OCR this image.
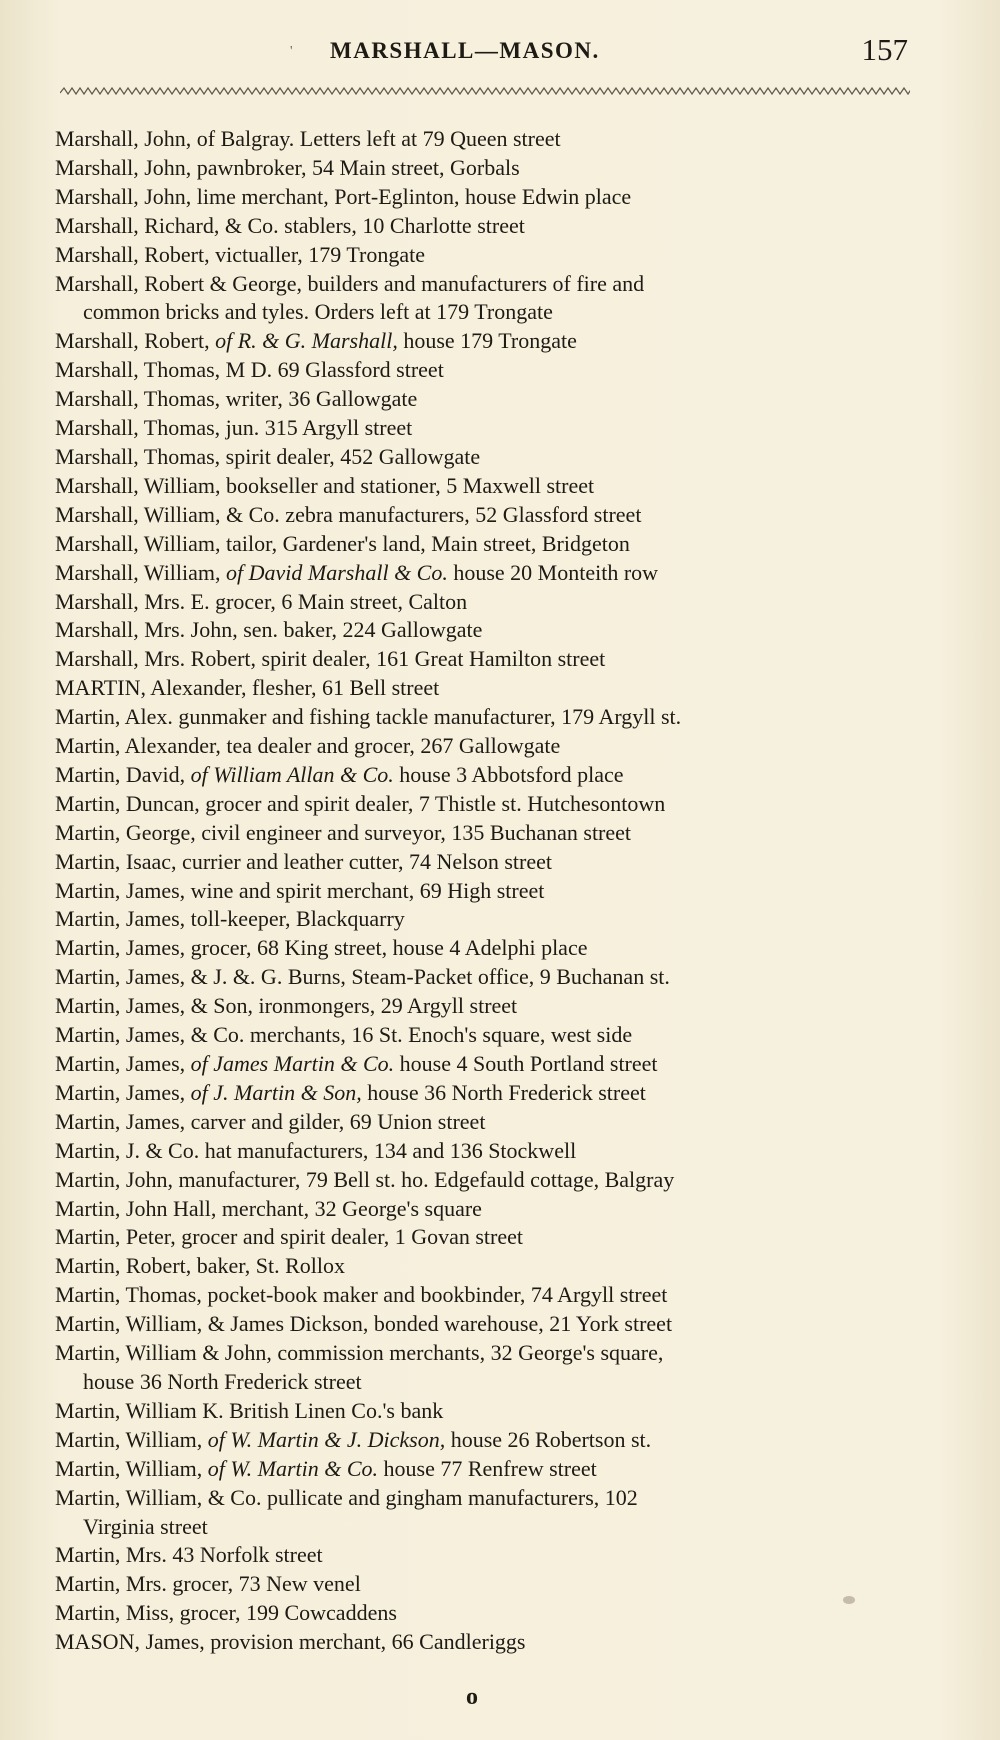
' MARSHALL—MASON.	157
Marshall, John, of Balgray. Letters left at 79 Queen street
Marshall, John, pawnbroker, 54 Main street, Gorbals
Marshall, John, lime merchant, Port-Eglinton, house Edwin place
Marshall, Richard, & Co. stablers, 10 Charlotte street
Marshall, Robert, victualler, 179 Trongate
Marshall, Robert & George, builders and manufacturers of fire and
common bricks and tyles. Orders left at 179 Trongate
Marshall, Robert, of R. & G. Marshall, house 179 Trongate
Marshall, Thomas, M D. 69 Glassford street
Marshall, Thomas, writer, 36 Gallowgate
Marshall, Thomas, jun. 315 Argyll street
Marshall, Thomas, spirit dealer, 452 Gallowgate
Marshall, William, bookseller and stationer, 5 Maxwell street
Marshall, William, & Co. zebra manufacturers, 52 Glassford street
Marshall, William, tailor, Gardener's land, Main street, Bridgeton
Marshall, William, of David Marshall & Co. house 20 Monteith row
Marshall, Mrs. E. grocer, 6 Main street, Calton
Marshall, Mrs. John, sen. baker, 224 Gallowgate
Marshall, Mrs. Robert, spirit dealer, 161 Great Hamilton street
MARTIN, Alexander, flesher, 61 Bell street
Martin, Alex. gunmaker and fishing tackle manufacturer, 179 Argyll st.
Martin, Alexander, tea dealer and grocer, 267 Gallowgate
Martin, David, of William Allan & Co. house 3 Abbotsford place
Martin, Duncan, grocer and spirit dealer, 7 Thistle st. Hutchesontown
Martin, George, civil engineer and surveyor, 135 Buchanan street
Martin, Isaac, currier and leather cutter, 74 Nelson street
Martin, James, wine and spirit merchant, 69 High street
Martin, James, toll-keeper, Blackquarry
Martin, James, grocer, 68 King street, house 4 Adelphi place
Martin, James, & J. &. G. Burns, Steam-Packet office, 9 Buchanan st.
Martin, James, & Son, ironmongers, 29 Argyll street
Martin, James, & Co. merchants, 16 St. Enoch's square, west side
Martin, James, of James Martin & Co. house 4 South Portland street
Martin, James, of J. Martin & Son, house 36 North Frederick street
Martin, James, carver and gilder, 69 Union street
Martin, J. & Co. hat manufacturers, 134 and 136 Stockwell
Martin, John, manufacturer, 79 Bell st. ho. Edgefauld cottage, Balgray
Martin, John Hall, merchant, 32 George's square
Martin, Peter, grocer and spirit dealer, 1 Govan street
Martin, Robert, baker, St. Rollox
Martin, Thomas, pocket-book maker and bookbinder, 74 Argyll street
Martin, William, & James Dickson, bonded warehouse, 21 York street
Martin, William & John, commission merchants, 32 George's square,
house 36 North Frederick street
Martin, William K. British Linen Co.'s bank
Martin, William, of W. Martin & J. Dickson, house 26 Robertson st.
Martin, William, of W. Martin & Co. house 77 Renfrew street
Martin, William, & Co. pullicate and gingham manufacturers, 102
Virginia street
Martin, Mrs. 43 Norfolk street
Martin, Mrs. grocer, 73 New venel
Martin, Miss, grocer, 199 Cowcaddens
MASON, James, provision merchant, 66 Candleriggs
o
